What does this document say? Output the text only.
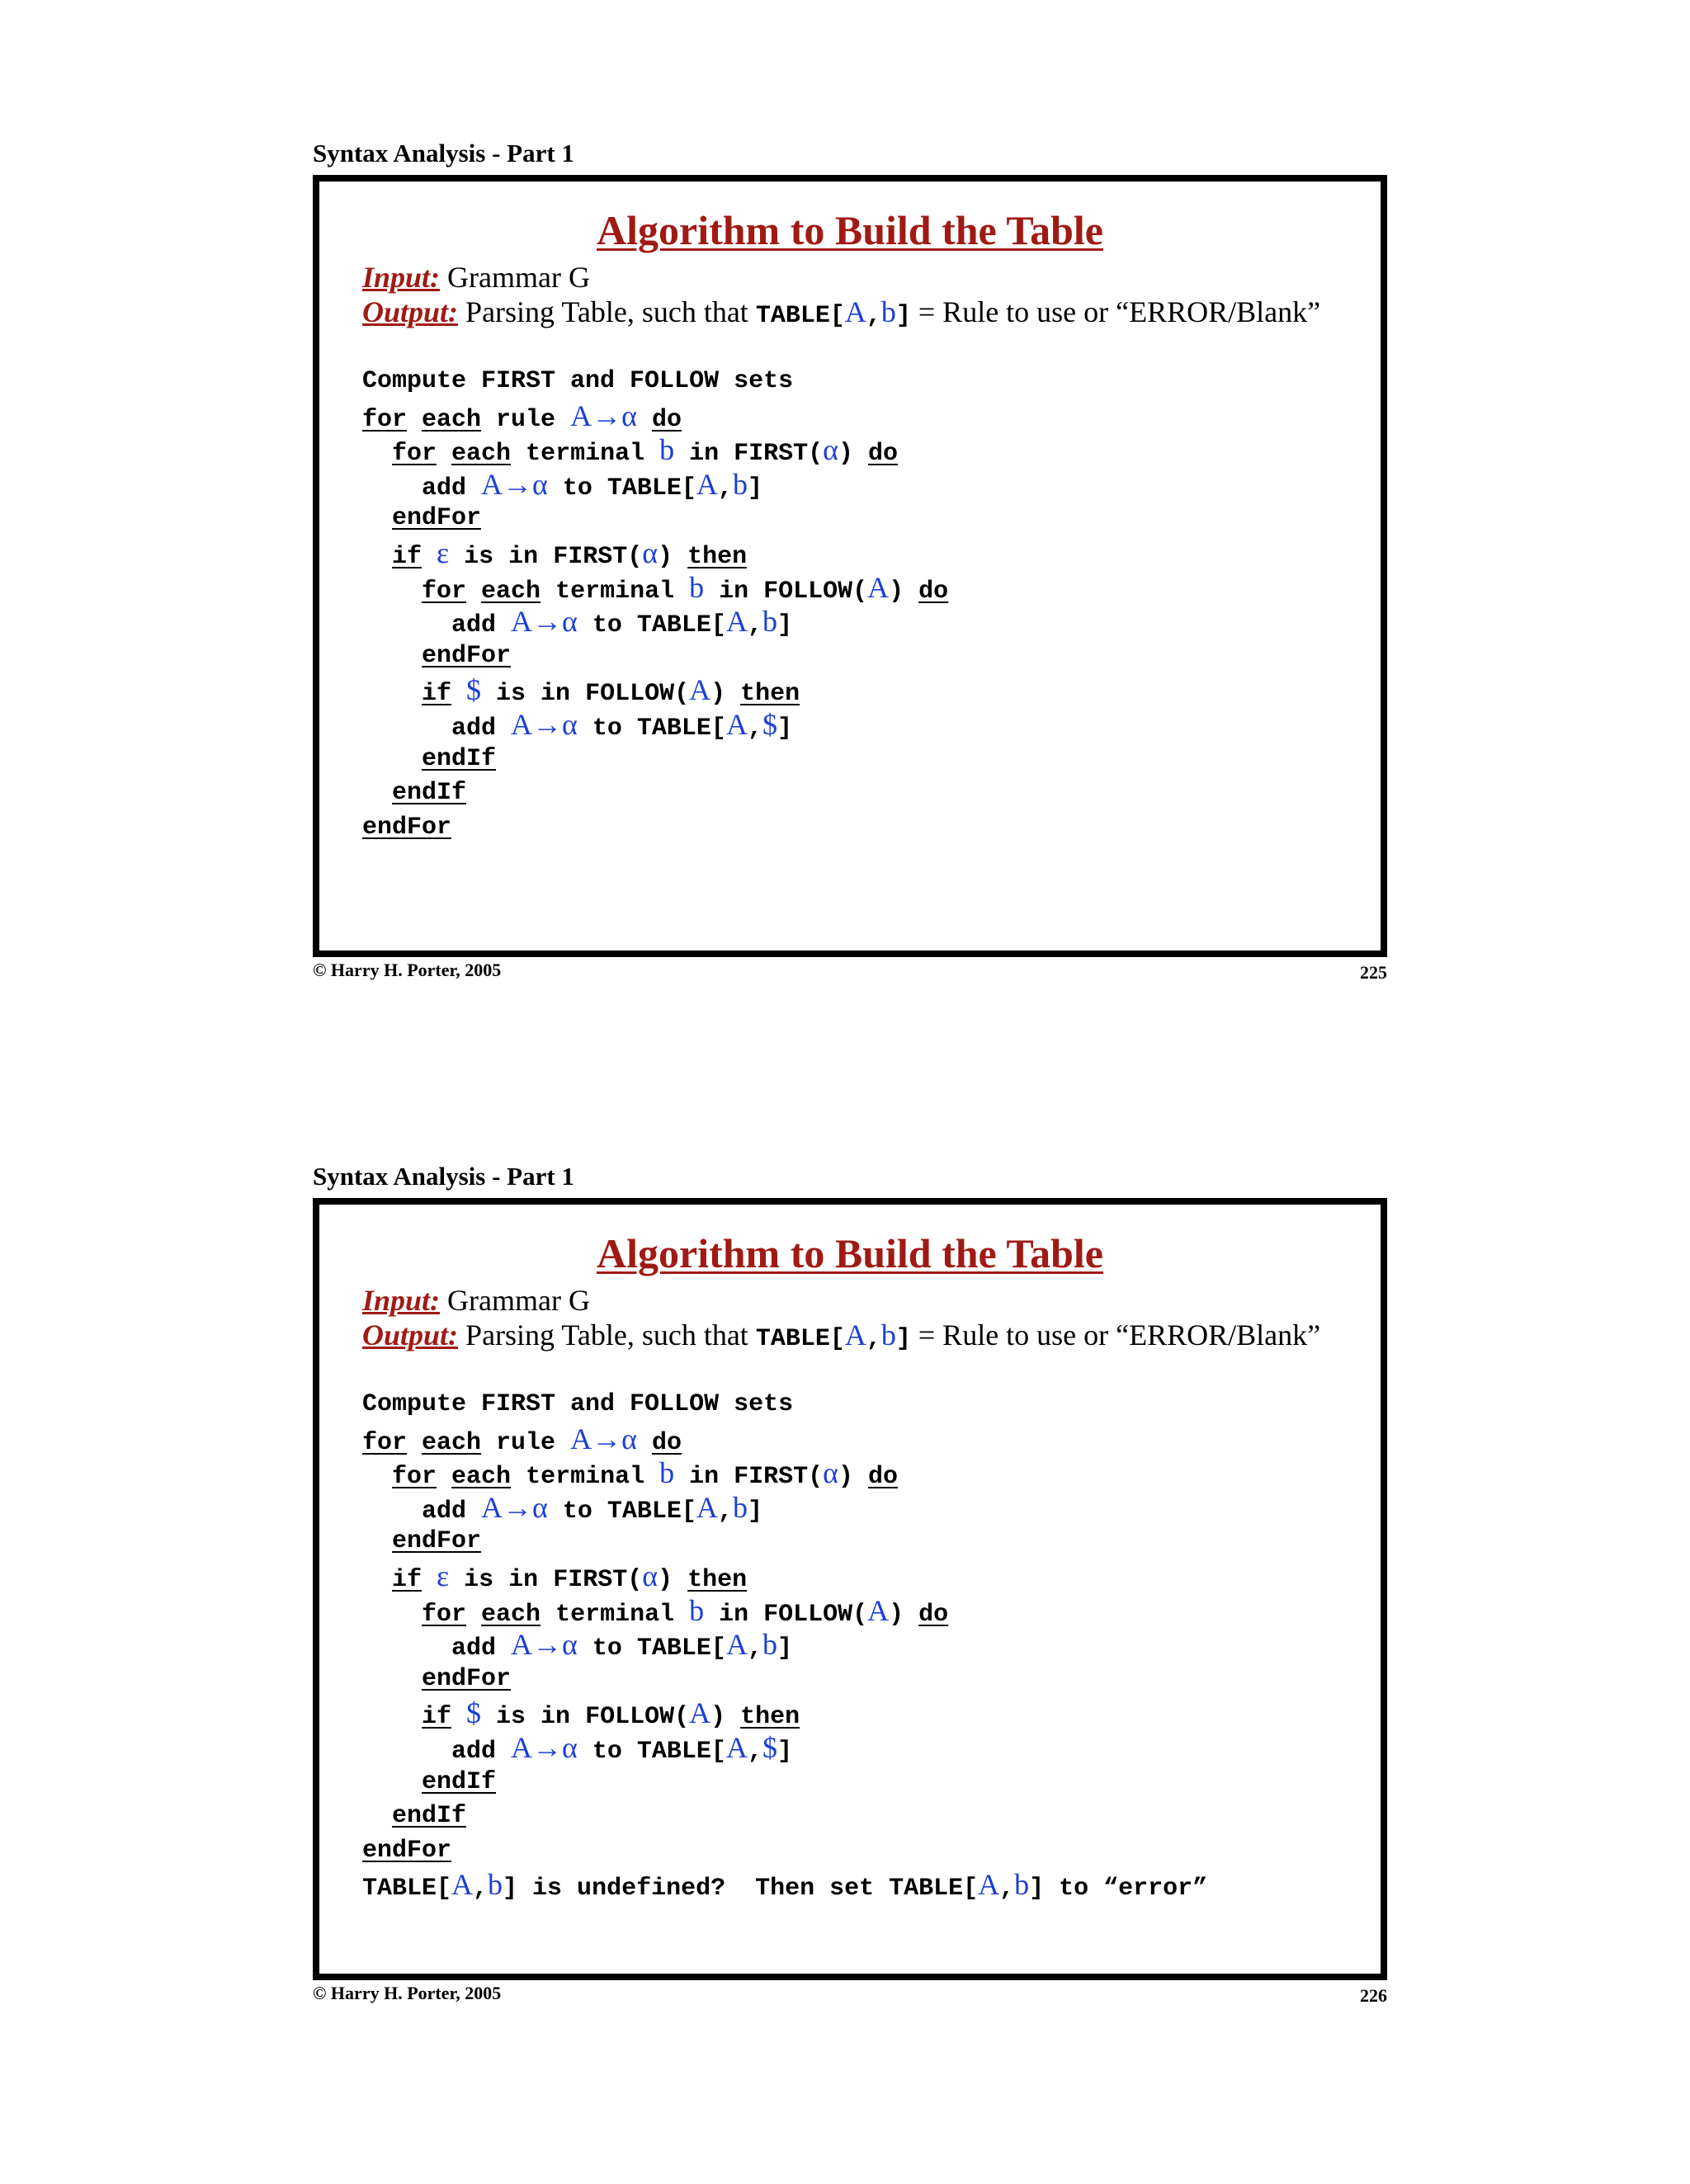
Syntax Analysis - Part 1
Algorithm to Build the Table
Input: Grammar G
Output: Parsing Table, such that TABLE[A,b] = Rule to use or “ERROR/Blank”
Compute FIRST and FOLLOW sets
for each rule A→α do
for each terminal b in FIRST(α) do
add A→α to TABLE[A,b]
endFor
if ε is in FIRST(α) then
for each terminal b in FOLLOW(A) do
add A→α to TABLE[A,b]
endFor
if $ is in FOLLOW(A) then
add A→α to TABLE[A,$]
endIf
endIf
endFor
© Harry H. Porter, 2005	225
Syntax Analysis - Part 1
Algorithm to Build the Table
Input: Grammar G
Output: Parsing Table, such that TABLE[A,b] = Rule to use or “ERROR/Blank”
Compute FIRST and FOLLOW sets
for each rule A→α do
for each terminal b in FIRST(α) do
add A→α to TABLE[A,b]
endFor
if ε is in FIRST(α) then
for each terminal b in FOLLOW(A) do
add A→α to TABLE[A,b]
endFor
if $ is in FOLLOW(A) then
add A→α to TABLE[A,$]
endIf
endIf
endFor
TABLE[A,b] is undefined?  Then set TABLE[A,b] to “error”
© Harry H. Porter, 2005	226
